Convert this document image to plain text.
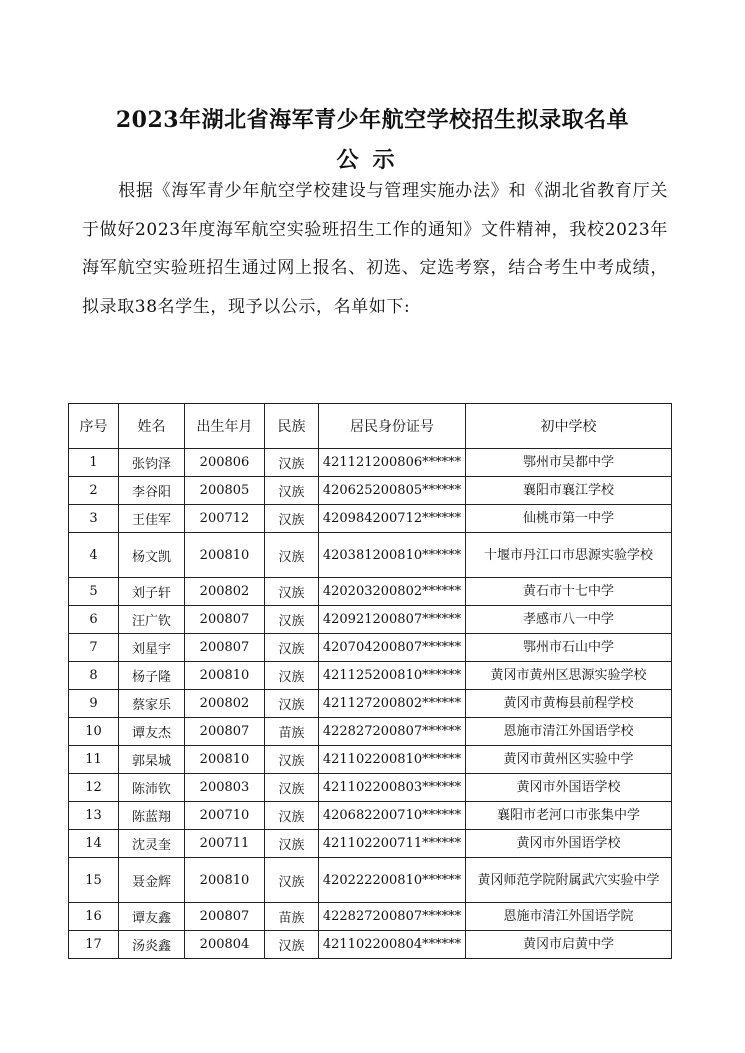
2023年湖北省海军青少年航空学校招生拟录取名单
公示
根据《海军青少年航空学校建设与管理实施办法》和《湖北省教育厅关于做好2023年度海军航空实验班招生工作的通知》文件精神，我校2023年海军航空实验班招生通过网上报名、初选、定选考察，结合考生中考成绩，拟录取38名学生，现予以公示，名单如下:
序号	姓名	出生年月	民族	居民身份证号	初中学校
1	张钧泽	200806	汉族	421121200806******	鄂州市吴都中学
2	李谷阳	200805	汉族	420625200805******	襄阳市襄江学校
3	王佳军	200712	汉族	420984200712******	仙桃市第一中学
4	杨文凯	200810	汉族	420381200810******	十堰市丹江口市思源实验学校
5	刘子轩	200802	汉族	420203200802******	黄石市十七中学
6	汪广钦	200807	汉族	420921200807******	孝感市八一中学
7	刘星宇	200807	汉族	420704200807******	鄂州市石山中学
8	杨子隆	200810	汉族	421125200810******	黄冈市黄州区思源实验学校
9	蔡家乐	200802	汉族	421127200802******	黄冈市黄梅县前程学校
10	谭友杰	200807	苗族	422827200807******	恩施市清江外国语学校
11	郭杲城	200810	汉族	421102200810******	黄冈市黄州区实验中学
12	陈沛钦	200803	汉族	421102200803******	黄冈市外国语学校
13	陈蓝翔	200710	汉族	420682200710******	襄阳市老河口市张集中学
14	沈灵奎	200711	汉族	421102200711******	黄冈市外国语学校
15	聂金辉	200810	汉族	420222200810******	黄冈师范学院附属武穴实验中学
16	谭友鑫	200807	苗族	422827200807******	恩施市清江外国语学院
17	汤炎鑫	200804	汉族	421102200804******	黄冈市启黄中学
